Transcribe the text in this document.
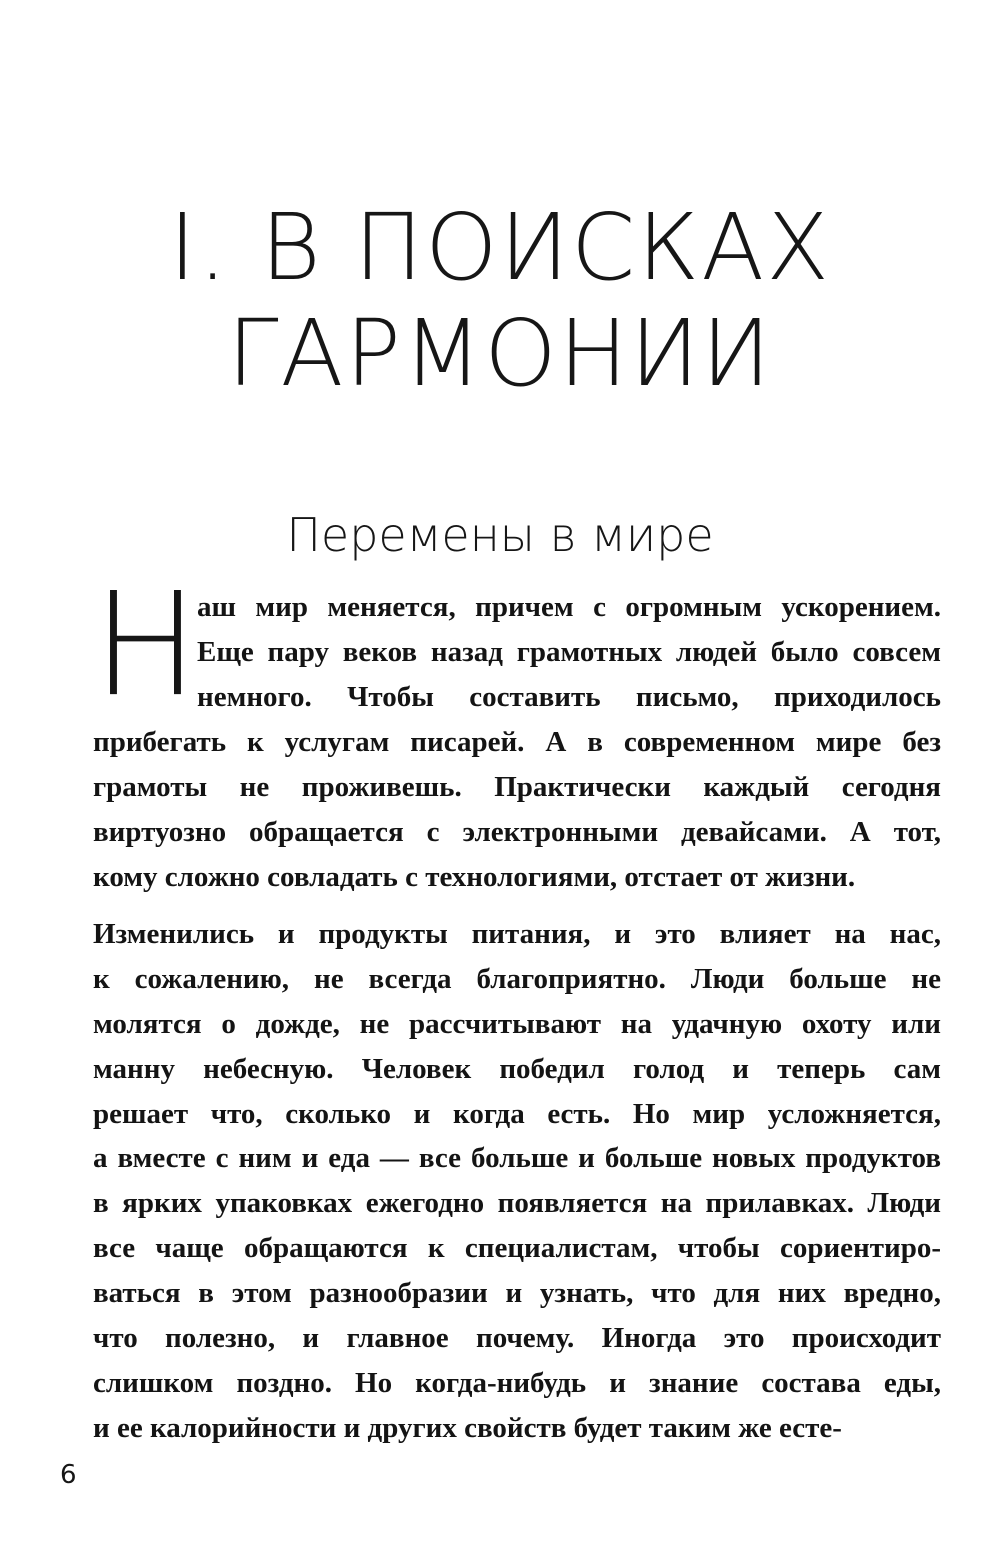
I. В ПОИСКАХ
ГАРМОНИИ
Перемены в мире
Н
аш мир меняется, причем с огромным ускорением.
Еще пару веков назад грамотных людей было совсем
немного. Чтобы составить письмо, приходилось
прибегать к услугам писарей. А в современном мире без
грамоты не проживешь. Практически каждый сегодня
виртуозно обращается с электронными девайсами. А тот,
кому сложно совладать с технологиями, отстает от жизни.
Изменились и продукты питания, и это влияет на нас,
к сожалению, не всегда благоприятно. Люди больше не
молятся о дожде, не рассчитывают на удачную охоту или
манну небесную. Человек победил голод и теперь сам
решает что, сколько и когда есть. Но мир усложняется,
а вместе с ним и еда — все больше и больше новых продуктов
в ярких упаковках ежегодно появляется на прилавках. Люди
все чаще обращаются к специалистам, чтобы сориентиро-
ваться в этом разнообразии и узнать, что для них вредно,
что полезно, и главное почему. Иногда это происходит
слишком поздно. Но когда-нибудь и знание состава еды,
и ее калорийности и других свойств будет таким же есте-
6
